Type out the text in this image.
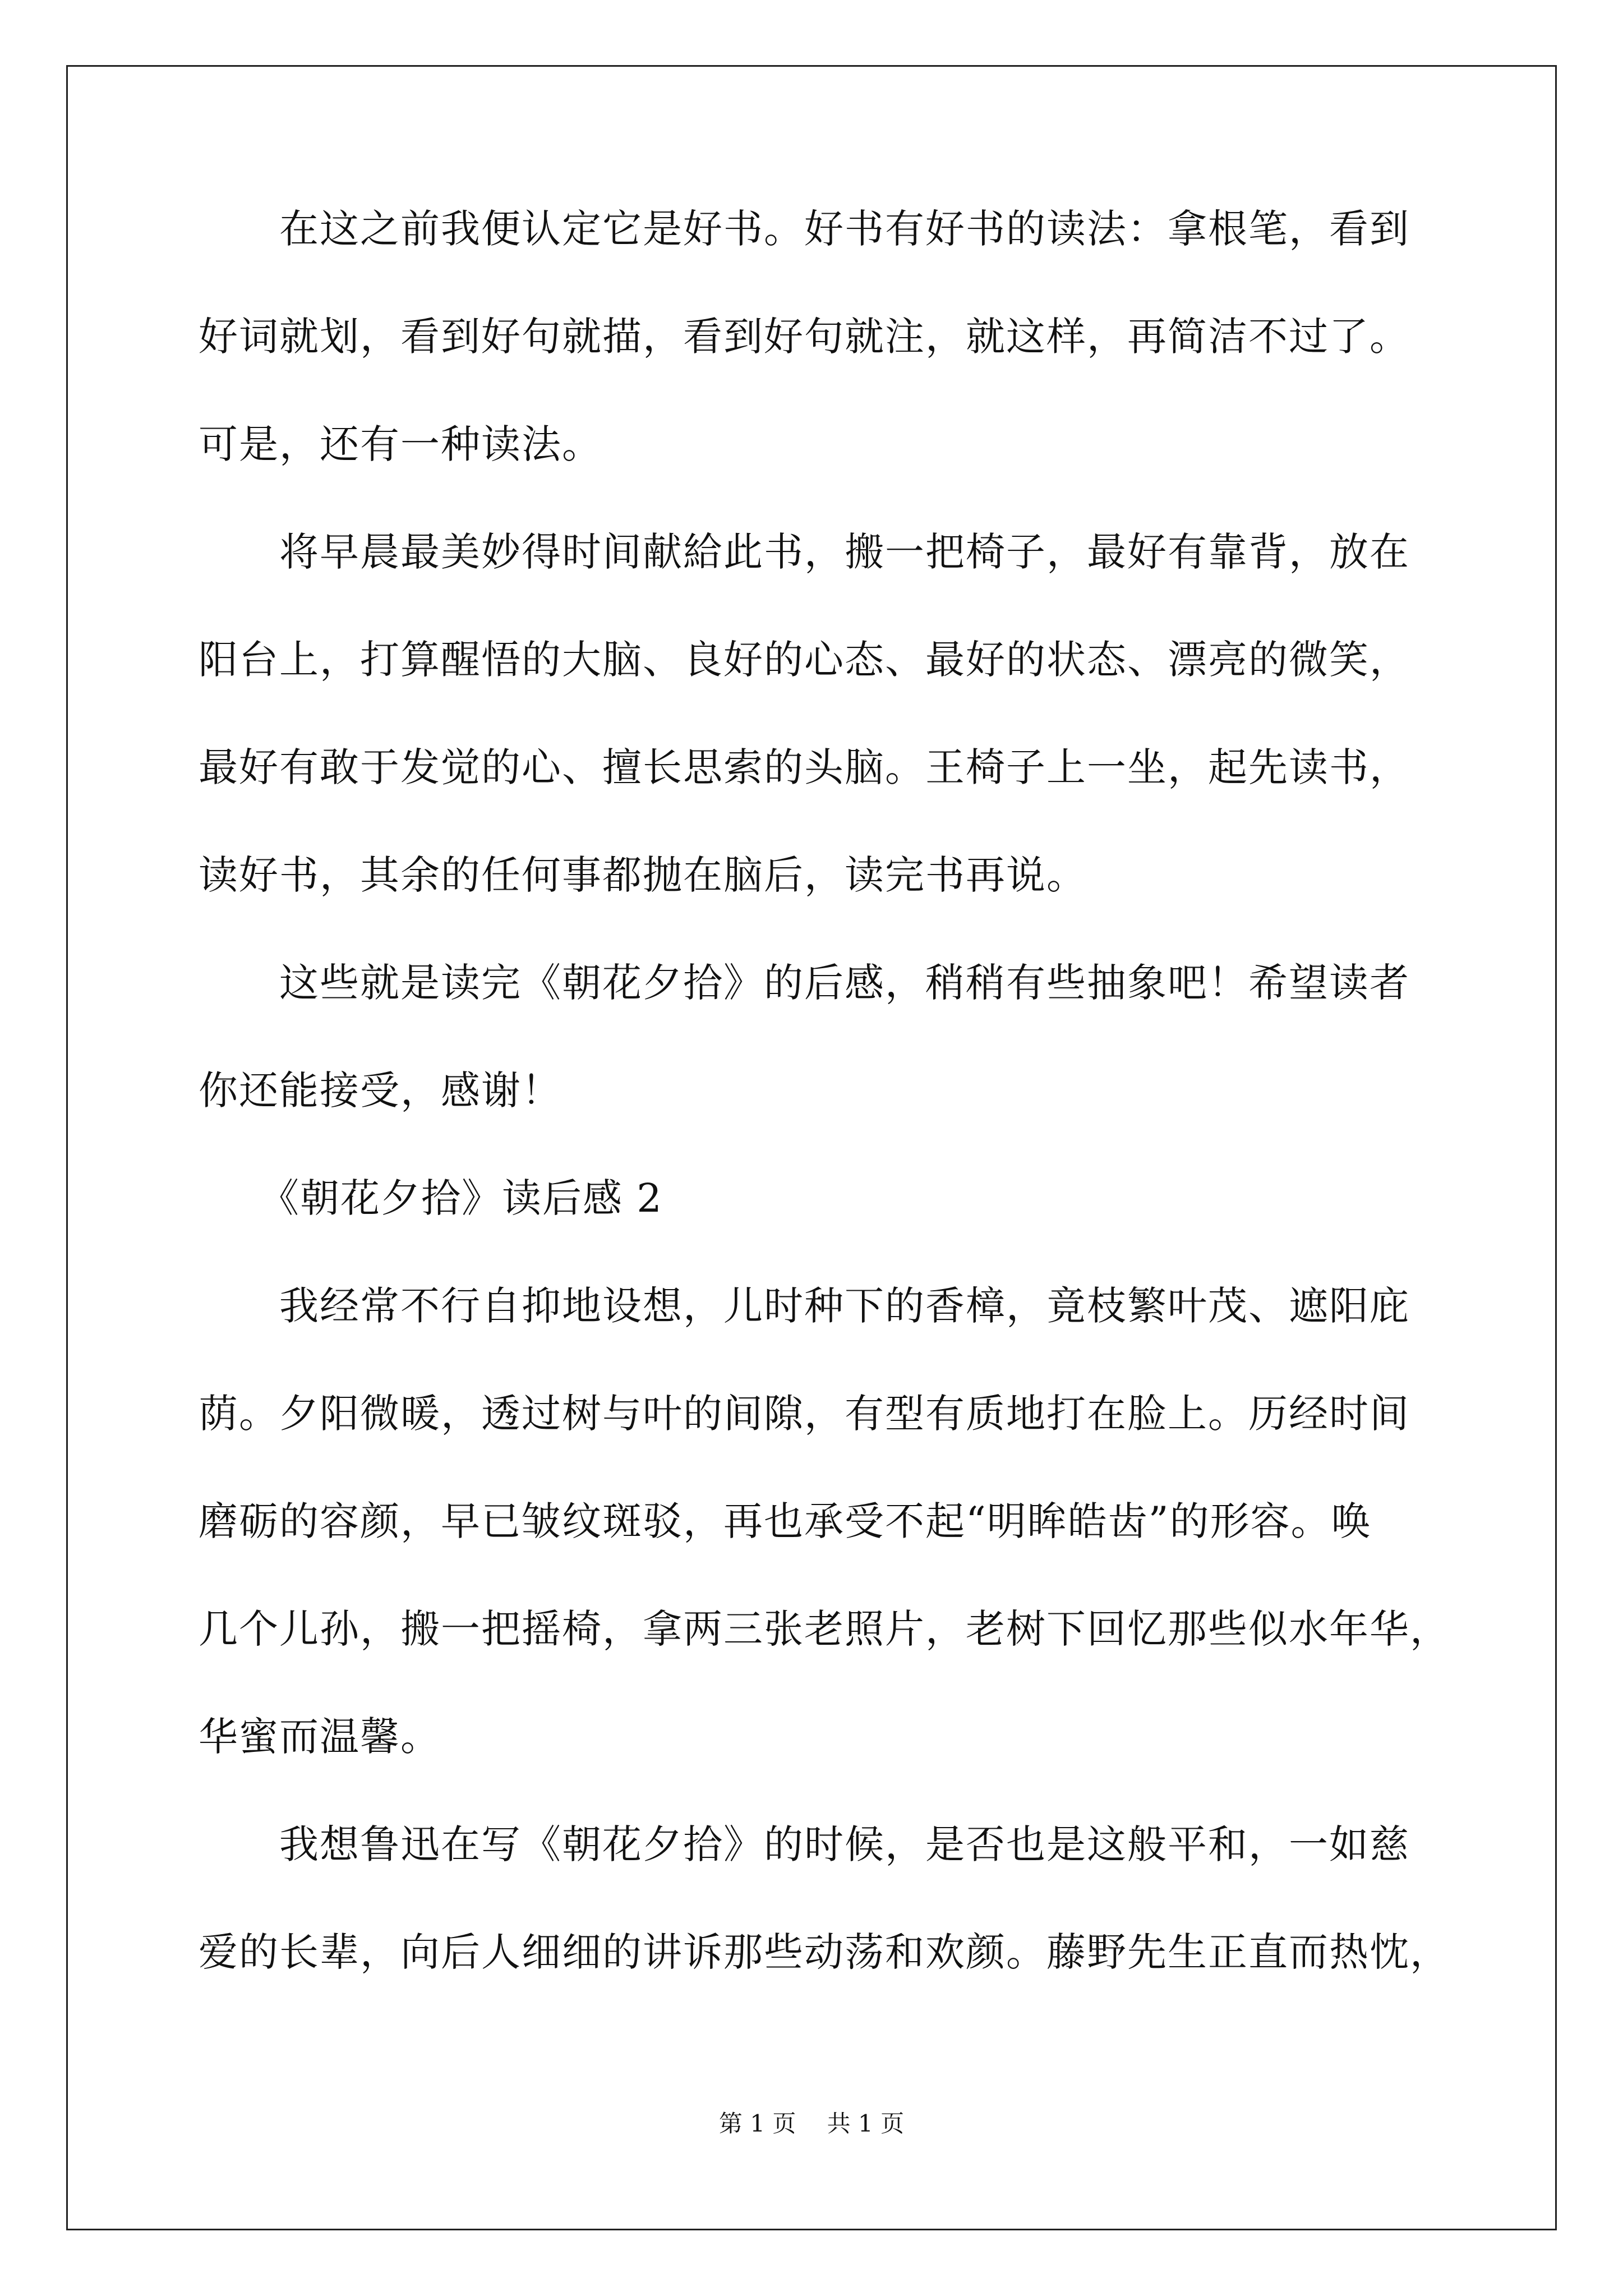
　　在这之前我便认定它是好书。好书有好书的读法：拿根笔，看到
好词就划，看到好句就描，看到好句就注，就这样，再简洁不过了。
可是，还有一种读法。
　　将早晨最美妙得时间献給此书，搬一把椅子，最好有靠背，放在
阳台上，打算醒悟的大脑、良好的心态、最好的状态、漂亮的微笑，
最好有敢于发觉的心、擅长思索的头脑。王椅子上一坐，起先读书，
读好书，其余的任何事都抛在脑后，读完书再说。
　　这些就是读完《朝花夕拾》的后感，稍稍有些抽象吧！希望读者
你还能接受，感谢！
　　《朝花夕拾》读后感 2
　　我经常不行自抑地设想，儿时种下的香樟，竟枝繁叶茂、遮阳庇
荫。夕阳微暖，透过树与叶的间隙，有型有质地打在脸上。历经时间
磨砺的容颜，早已皱纹斑驳，再也承受不起“明眸皓齿”的形容。唤
几个儿孙，搬一把摇椅，拿两三张老照片，老树下回忆那些似水年华，
华蜜而温馨。
　　我想鲁迅在写《朝花夕拾》的时候，是否也是这般平和，一如慈
爱的长辈，向后人细细的讲诉那些动荡和欢颜。藤野先生正直而热忱，
第 1 页　 共 1 页
